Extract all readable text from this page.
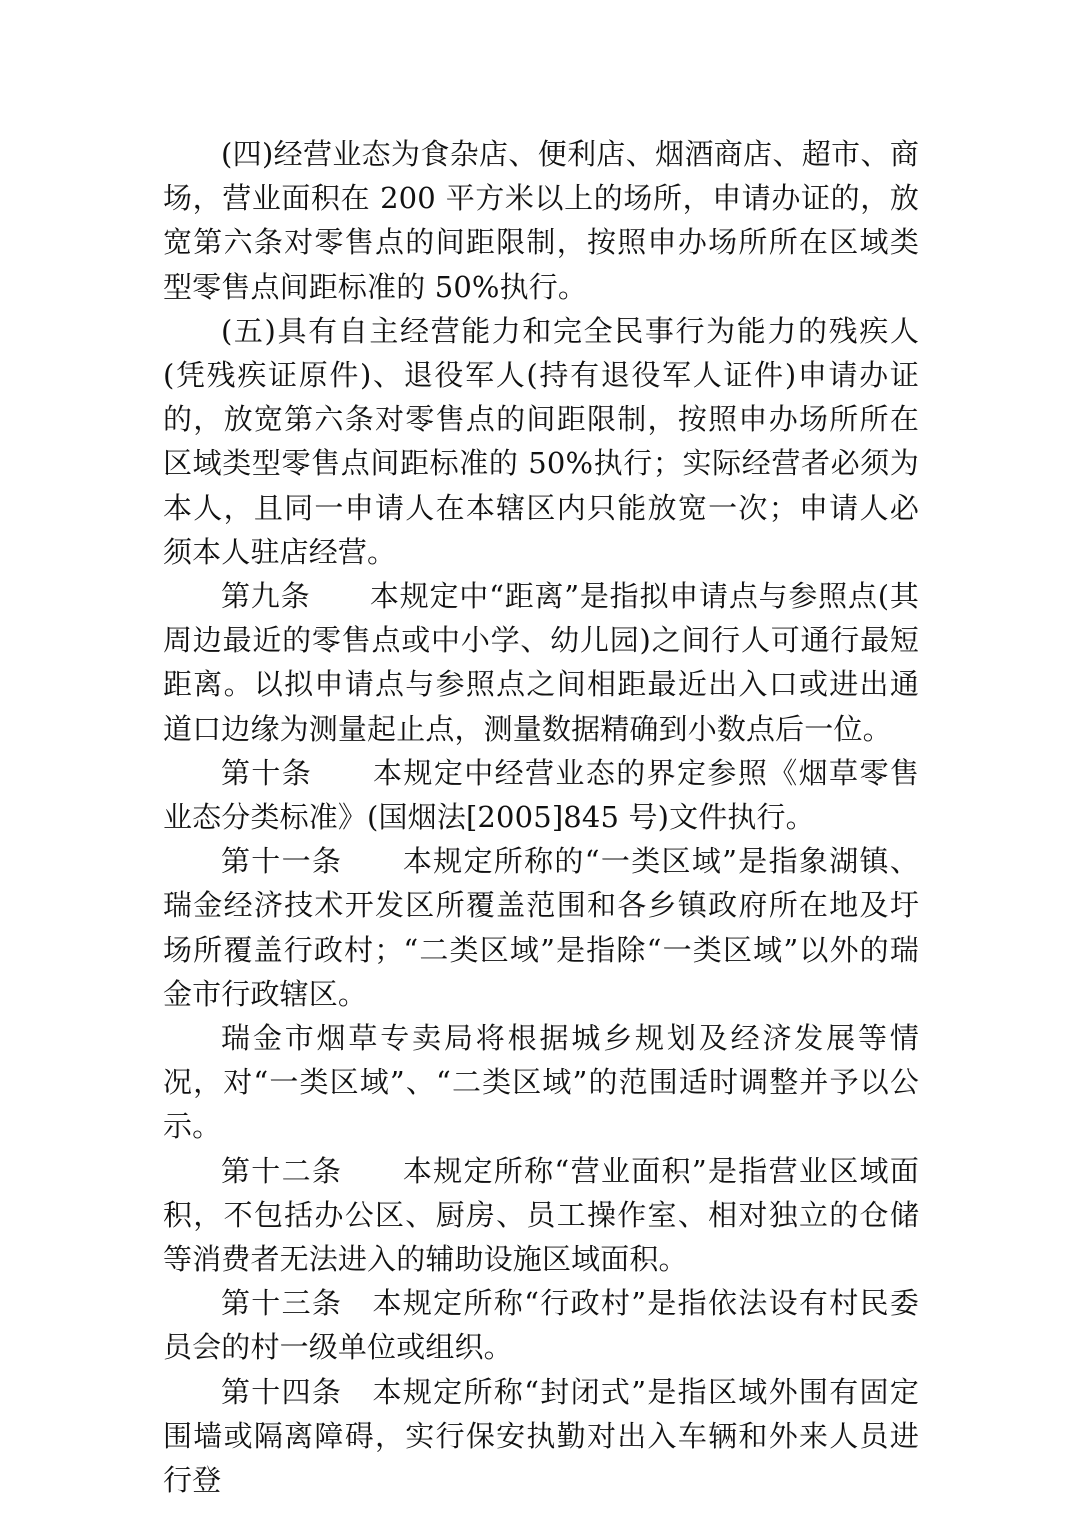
(四)经营业态为食杂店、便利店、烟酒商店、超市、商场，营业面积在 200 平方米以上的场所，申请办证的，放宽第六条对零售点的间距限制，按照申办场所所在区域类型零售点间距标准的 50%执行。

(五)具有自主经营能力和完全民事行为能力的残疾人(凭残疾证原件)、退役军人(持有退役军人证件)申请办证的，放宽第六条对零售点的间距限制，按照申办场所所在区域类型零售点间距标准的 50%执行；实际经营者必须为本人，且同一申请人在本辖区内只能放宽一次；申请人必须本人驻店经营。

第九条　　本规定中“距离”是指拟申请点与参照点(其周边最近的零售点或中小学、幼儿园)之间行人可通行最短距离。以拟申请点与参照点之间相距最近出入口或进出通道口边缘为测量起止点，测量数据精确到小数点后一位。

第十条　　本规定中经营业态的界定参照《烟草零售业态分类标准》(国烟法[2005]845 号)文件执行。

第十一条　　本规定所称的“一类区域”是指象湖镇、瑞金经济技术开发区所覆盖范围和各乡镇政府所在地及圩场所覆盖行政村；“二类区域”是指除“一类区域”以外的瑞金市行政辖区。

瑞金市烟草专卖局将根据城乡规划及经济发展等情况，对“一类区域”、“二类区域”的范围适时调整并予以公示。

第十二条　　本规定所称“营业面积”是指营业区域面积，不包括办公区、厨房、员工操作室、相对独立的仓储等消费者无法进入的辅助设施区域面积。

第十三条　本规定所称“行政村”是指依法设有村民委员会的村一级单位或组织。

第十四条　本规定所称“封闭式”是指区域外围有固定围墙或隔离障碍，实行保安执勤对出入车辆和外来人员进行登
